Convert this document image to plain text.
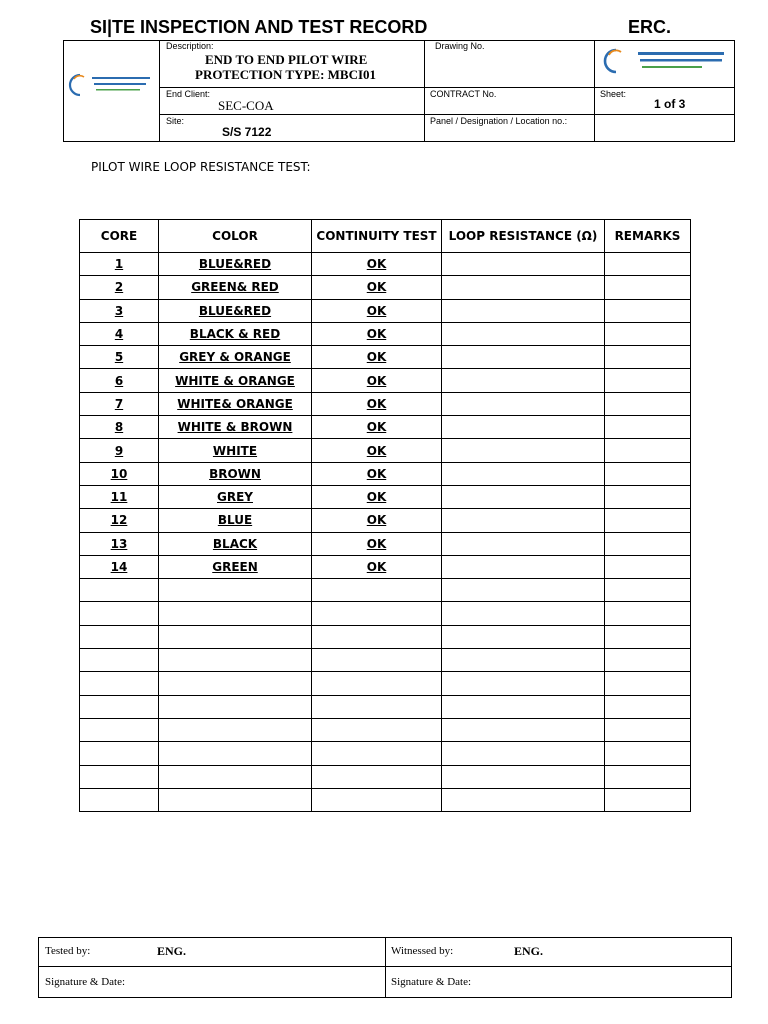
SI|TE INSPECTION AND TEST RECORD	ERC.
Description:
END TO END PILOT WIRE
PROTECTION TYPE: MBCI01
Drawing No.
End Client:
SEC-COA
CONTRACT No.	Sheet:
1 of 3
Site:
S/S 7122
Panel / Designation / Location no.:
PILOT WIRE LOOP RESISTANCE TEST:
CORE	COLOR	CONTINUITY TEST	LOOP RESISTANCE (Ω)	REMARKS
1	BLUE&RED	OK		
2	GREEN& RED	OK		
3	BLUE&RED	OK		
4	BLACK & RED	OK		
5	GREY & ORANGE	OK		
6	WHITE & ORANGE	OK		
7	WHITE& ORANGE	OK		
8	WHITE & BROWN	OK		
9	WHITE	OK		
10	BROWN	OK		
11	GREY	OK		
12	BLUE	OK		
13	BLACK	OK		
14	GREEN	OK		

Tested by:	ENG.	Witnessed by:	ENG.
Signature & Date:	Signature & Date:
